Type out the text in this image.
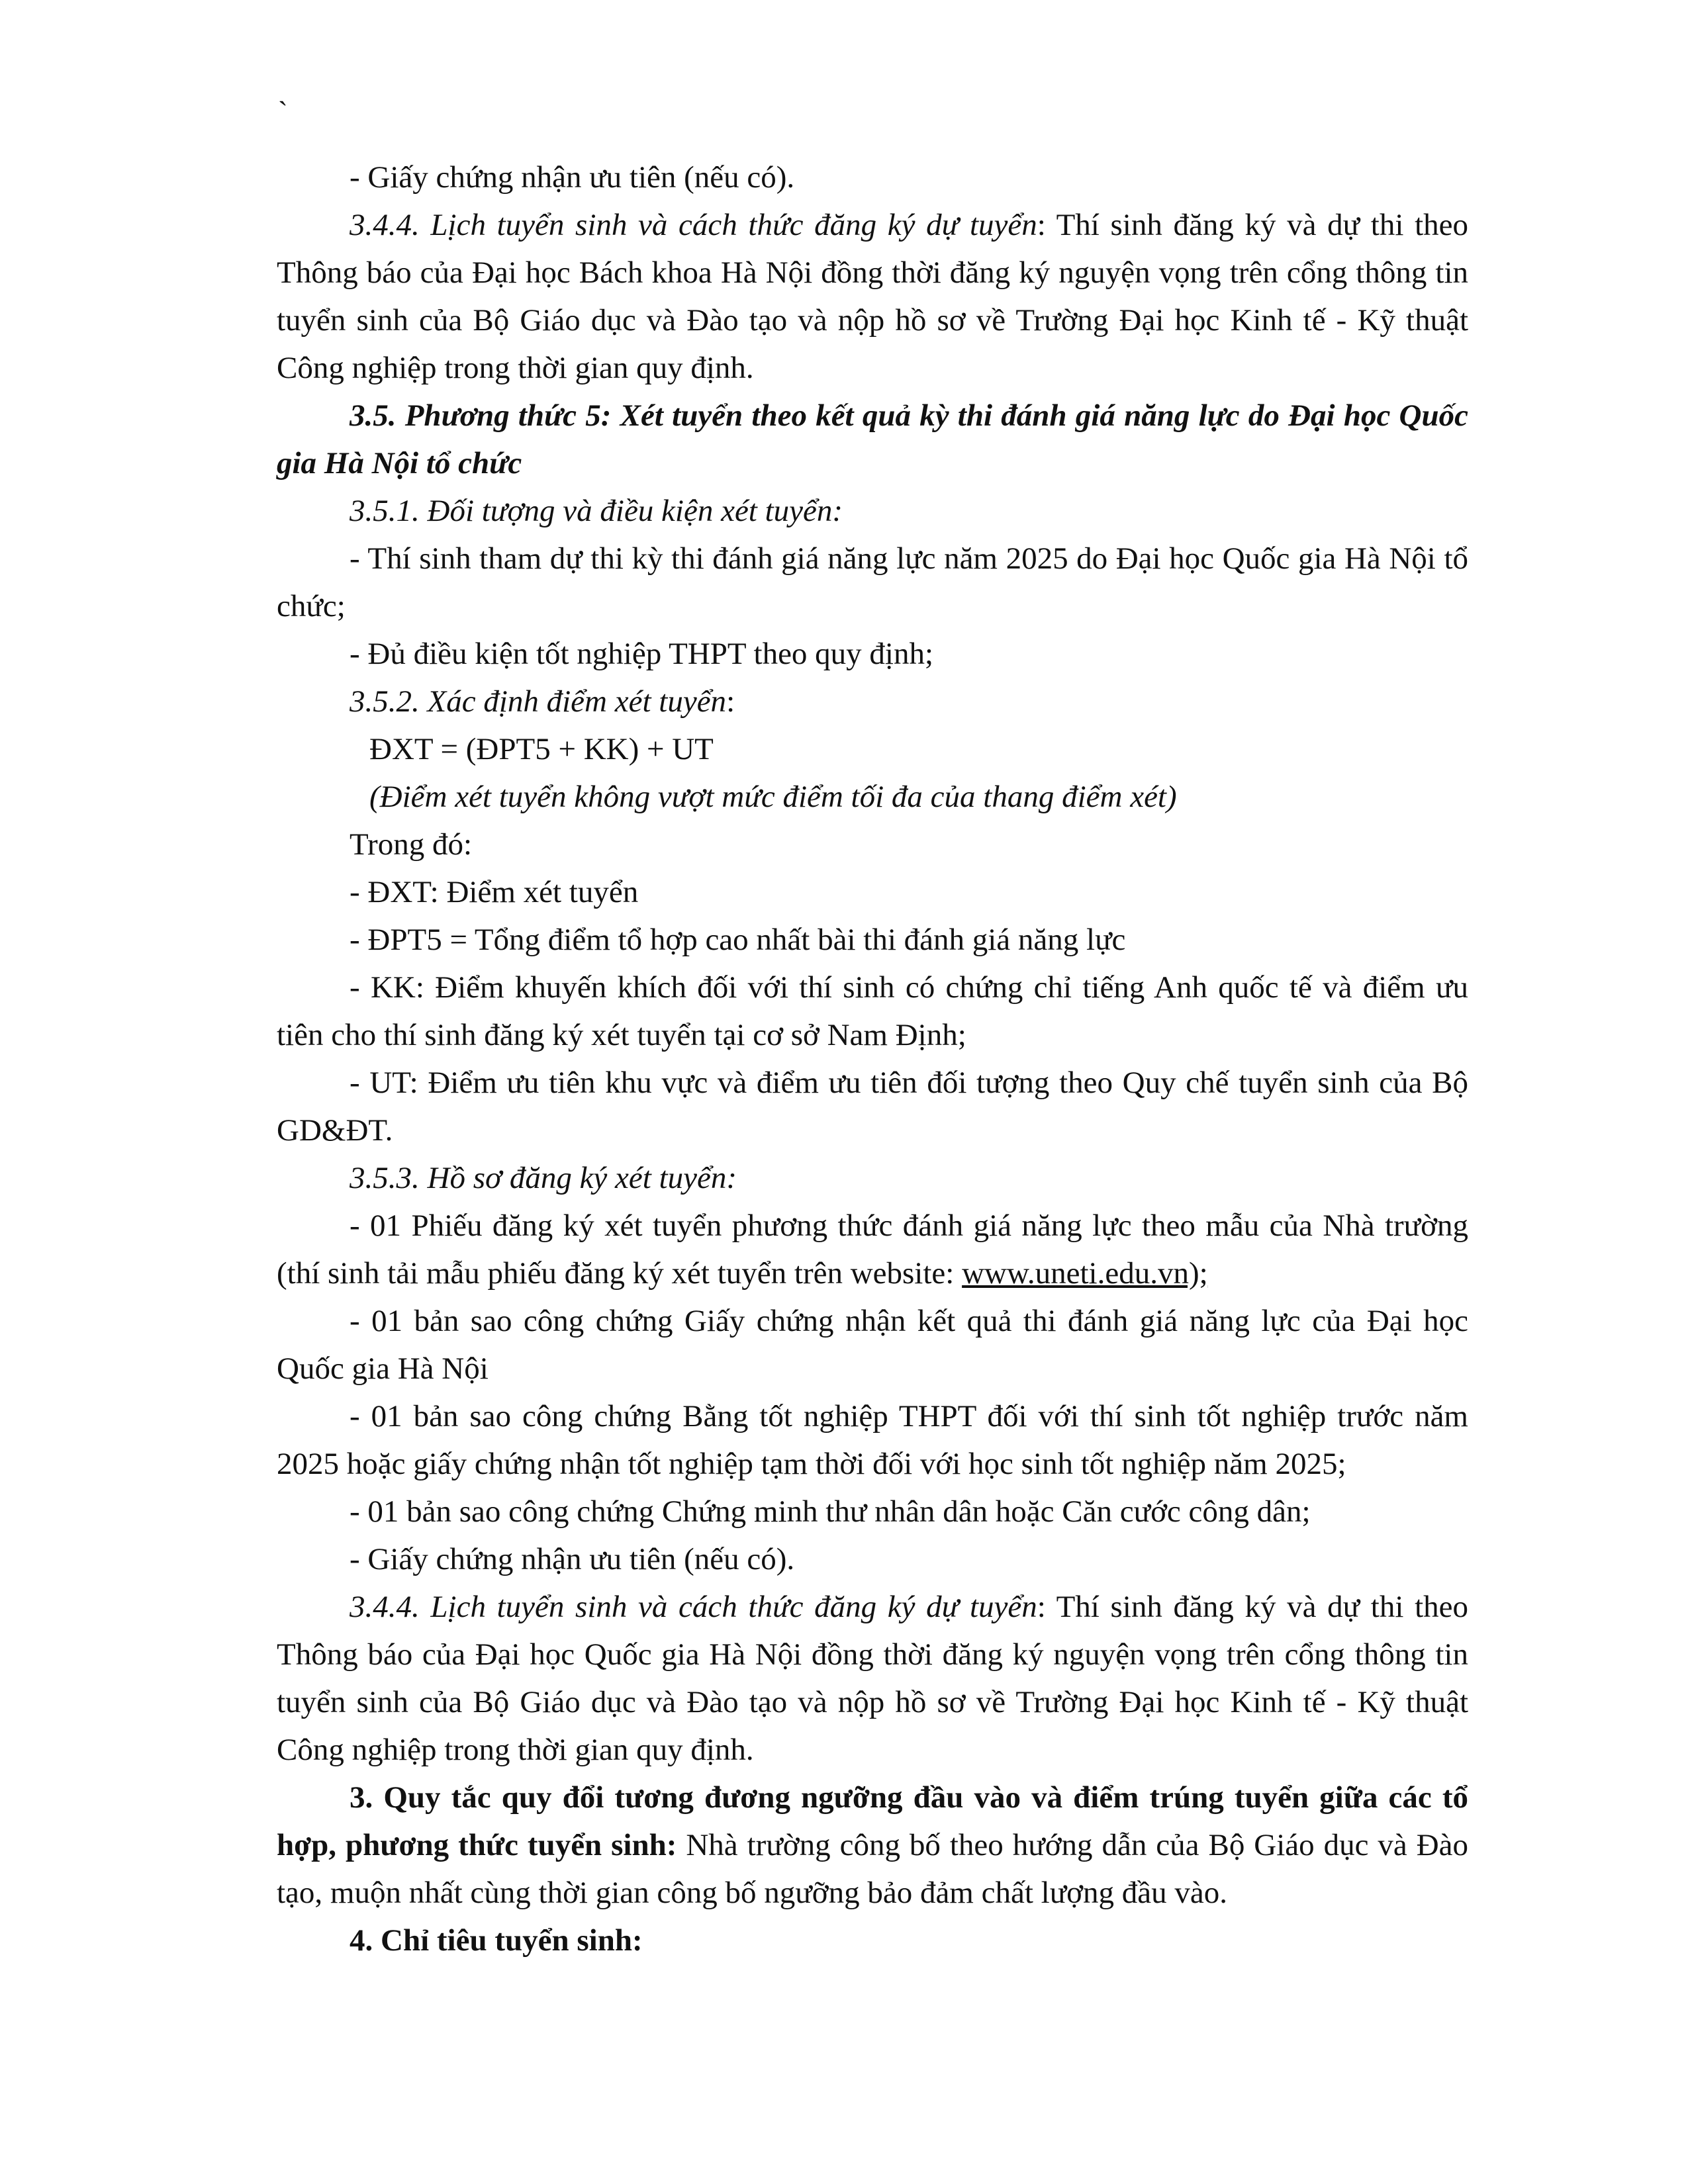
`

- Giấy chứng nhận ưu tiên (nếu có).

3.4.4. Lịch tuyển sinh và cách thức đăng ký dự tuyển: Thí sinh đăng ký và dự thi theo Thông báo của Đại học Bách khoa Hà Nội đồng thời đăng ký nguyện vọng trên cổng thông tin tuyển sinh của Bộ Giáo dục và Đào tạo và nộp hồ sơ về Trường Đại học Kinh tế - Kỹ thuật Công nghiệp trong thời gian quy định.

3.5. Phương thức 5: Xét tuyển theo kết quả kỳ thi đánh giá năng lực do Đại học Quốc gia Hà Nội tổ chức

3.5.1. Đối tượng và điều kiện xét tuyển:

- Thí sinh tham dự thi kỳ thi đánh giá năng lực năm 2025 do Đại học Quốc gia Hà Nội tổ chức;

- Đủ điều kiện tốt nghiệp THPT theo quy định;

3.5.2. Xác định điểm xét tuyển:

ĐXT = (ĐPT5 + KK) + UT

(Điểm xét tuyển không vượt mức điểm tối đa của thang điểm xét)

Trong đó:

- ĐXT: Điểm xét tuyển

- ĐPT5 = Tổng điểm tổ hợp cao nhất bài thi đánh giá năng lực

- KK: Điểm khuyến khích đối với thí sinh có chứng chỉ tiếng Anh quốc tế và điểm ưu tiên cho thí sinh đăng ký xét tuyển tại cơ sở Nam Định;

- UT: Điểm ưu tiên khu vực và điểm ưu tiên đối tượng theo Quy chế tuyển sinh của Bộ GD&ĐT.

3.5.3. Hồ sơ đăng ký xét tuyển:

- 01 Phiếu đăng ký xét tuyển phương thức đánh giá năng lực theo mẫu của Nhà trường (thí sinh tải mẫu phiếu đăng ký xét tuyển trên website: www.uneti.edu.vn);

- 01 bản sao công chứng Giấy chứng nhận kết quả thi đánh giá năng lực của Đại học Quốc gia Hà Nội

- 01 bản sao công chứng Bằng tốt nghiệp THPT đối với thí sinh tốt nghiệp trước năm 2025 hoặc giấy chứng nhận tốt nghiệp tạm thời đối với học sinh tốt nghiệp năm 2025;

- 01 bản sao công chứng Chứng minh thư nhân dân hoặc Căn cước công dân;

- Giấy chứng nhận ưu tiên (nếu có).

3.4.4. Lịch tuyển sinh và cách thức đăng ký dự tuyển: Thí sinh đăng ký và dự thi theo Thông báo của Đại học Quốc gia Hà Nội đồng thời đăng ký nguyện vọng trên cổng thông tin tuyển sinh của Bộ Giáo dục và Đào tạo và nộp hồ sơ về Trường Đại học Kinh tế - Kỹ thuật Công nghiệp trong thời gian quy định.

3. Quy tắc quy đổi tương đương ngưỡng đầu vào và điểm trúng tuyển giữa các tổ hợp, phương thức tuyển sinh: Nhà trường công bố theo hướng dẫn của Bộ Giáo dục và Đào tạo, muộn nhất cùng thời gian công bố ngưỡng bảo đảm chất lượng đầu vào.

4. Chỉ tiêu tuyển sinh:
